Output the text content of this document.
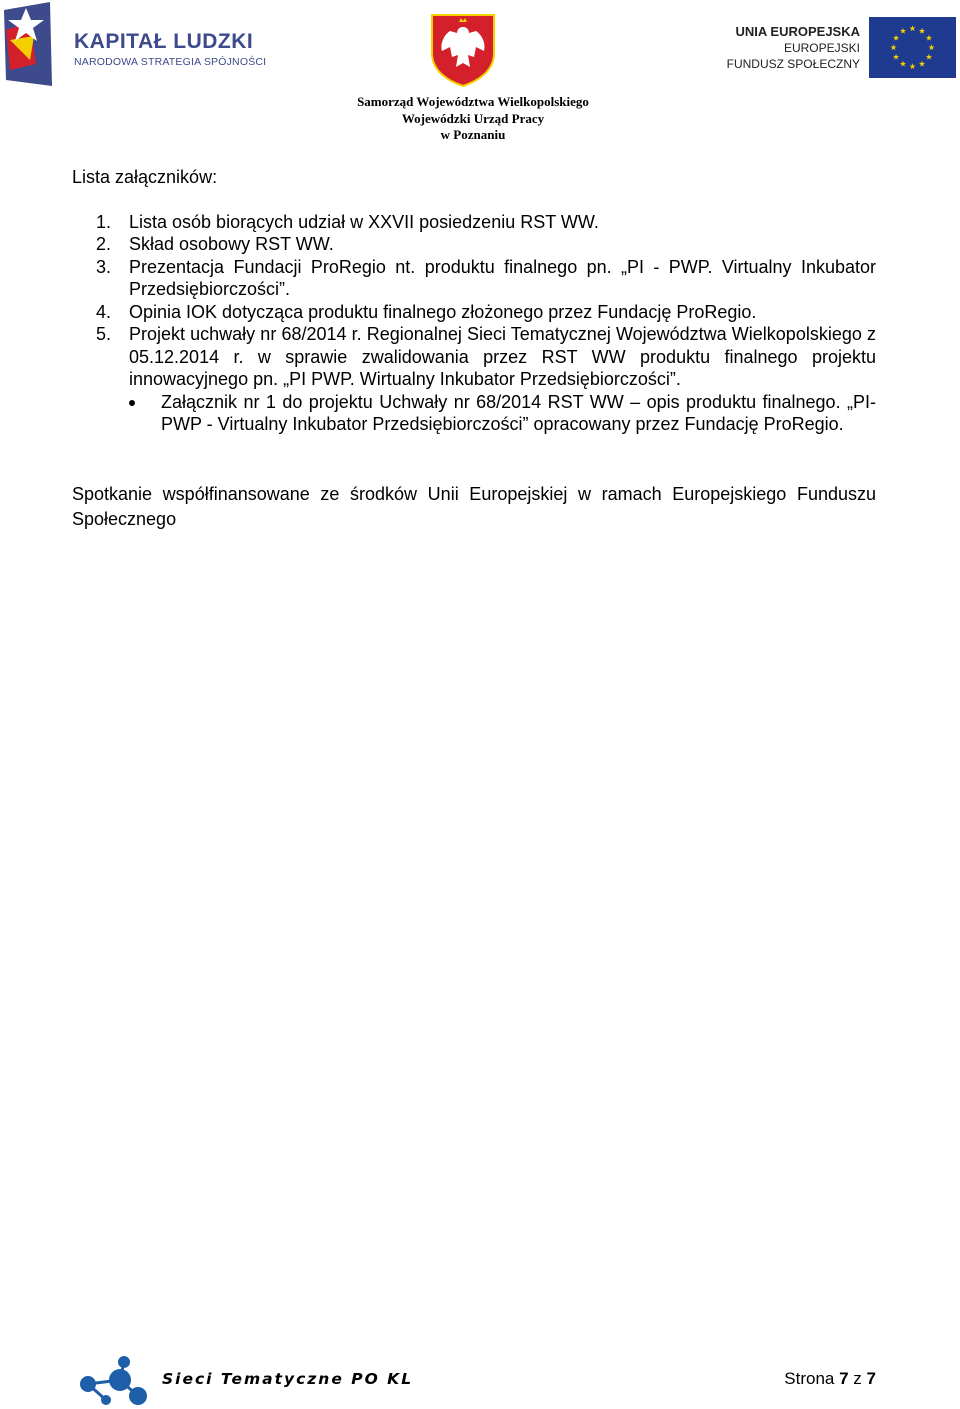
KAPITAŁ LUDZKI
NARODOWA STRATEGIA SPÓJNOŚCI
Samorząd Województwa Wielkopolskiego
Wojewódzki Urząd Pracy
w Poznaniu
UNIA EUROPEJSKA
EUROPEJSKI
FUNDUSZ SPOŁECZNY

Lista załączników:

1. Lista osób biorących udział w XXVII posiedzeniu RST WW.
2. Skład osobowy RST WW.
3. Prezentacja Fundacji ProRegio nt. produktu finalnego pn. „PI - PWP. Virtualny Inkubator Przedsiębiorczości”.
4. Opinia IOK dotycząca produktu finalnego złożonego przez Fundację ProRegio.
5. Projekt uchwały nr 68/2014 r. Regionalnej Sieci Tematycznej Województwa Wielkopolskiego z 05.12.2014 r. w sprawie zwalidowania przez RST WW produktu finalnego projektu innowacyjnego pn. „PI PWP. Wirtualny Inkubator Przedsiębiorczości”.
Załącznik nr 1 do projektu Uchwały nr 68/2014 RST WW – opis produktu finalnego. „PI- PWP - Virtualny Inkubator Przedsiębiorczości” opracowany przez Fundację ProRegio.

Spotkanie współfinansowane ze środków Unii Europejskiej w ramach Europejskiego Funduszu Społecznego

Sieci Tematyczne PO KL	Strona 7 z 7
